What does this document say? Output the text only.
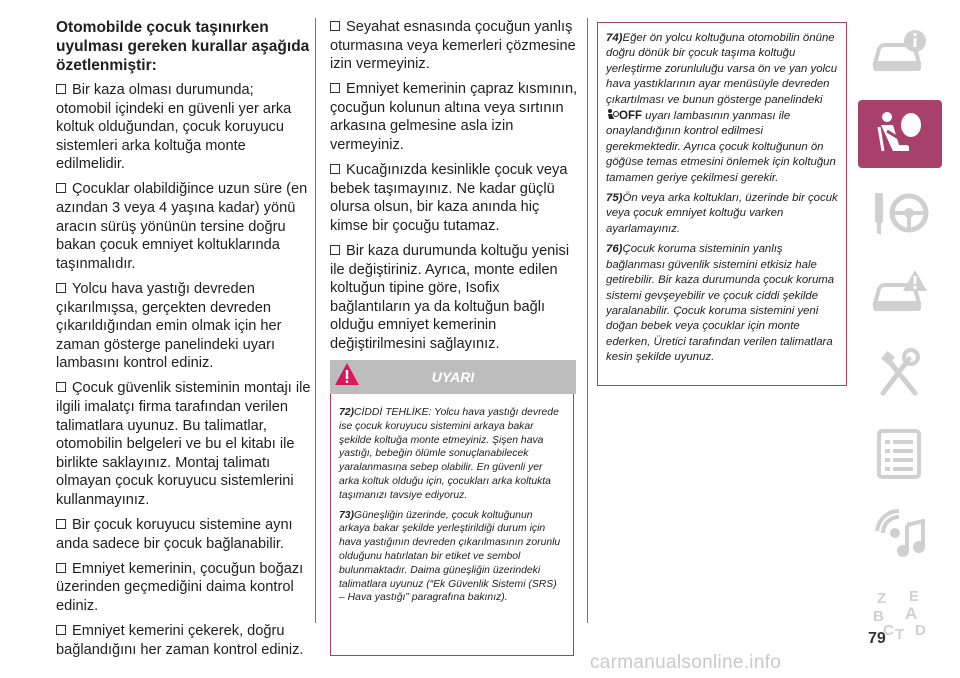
Otomobilde çocuk taşınırken uyulması gereken kurallar aşağıda özetlenmiştir:

Bir kaza olması durumunda; otomobil içindeki en güvenli yer arka koltuk olduğundan, çocuk koruyucu sistemleri arka koltuğa monte edilmelidir.

Çocuklar olabildiğince uzun süre (en azından 3 veya 4 yaşına kadar) yönü aracın sürüş yönünün tersine doğru bakan çocuk emniyet koltuklarında taşınmalıdır.

Yolcu hava yastığı devreden çıkarılmışsa, gerçekten devreden çıkarıldığından emin olmak için her zaman gösterge panelindeki uyarı lambasını kontrol ediniz.

Çocuk güvenlik sisteminin montajı ile ilgili imalatçı firma tarafından verilen talimatlara uyunuz. Bu talimatlar, otomobilin belgeleri ve bu el kitabı ile birlikte saklayınız. Montaj talimatı olmayan çocuk koruyucu sistemlerini kullanmayınız.

Bir çocuk koruyucu sistemine aynı anda sadece bir çocuk bağlanabilir.

Emniyet kemerinin, çocuğun boğazı üzerinden geçmediğini daima kontrol ediniz.

Emniyet kemerini çekerek, doğru bağlandığını her zaman kontrol ediniz.

Seyahat esnasında çocuğun yanlış oturmasına veya kemerleri çözmesine izin vermeyiniz.

Emniyet kemerinin çapraz kısmının, çocuğun kolunun altına veya sırtının arkasına gelmesine asla izin vermeyiniz.

Kucağınızda kesinlikle çocuk veya bebek taşımayınız. Ne kadar güçlü olursa olsun, bir kaza anında hiç kimse bir çocuğu tutamaz.

Bir kaza durumunda koltuğu yenisi ile değiştiriniz. Ayrıca, monte edilen koltuğun tipine göre, Isofix bağlantıların ya da koltuğun bağlı olduğu emniyet kemerinin değiştirilmesini sağlayınız.

UYARI

72)CİDDİ TEHLİKE: Yolcu hava yastığı devrede ise çocuk koruyucu sistemini arkaya bakar şekilde koltuğa monte etmeyiniz. Şişen hava yastığı, bebeğin ölümle sonuçlanabilecek yaralanmasına sebep olabilir. En güvenli yer arka koltuk olduğu için, çocukları arka koltukta taşımanızı tavsiye ediyoruz.

73)Güneşliğin üzerinde, çocuk koltuğunun arkaya bakar şekilde yerleştirildiği durum için hava yastığının devreden çıkarılmasının zorunlu olduğunu hatırlatan bir etiket ve sembol bulunmaktadır. Daima güneşliğin üzerindeki talimatlara uyunuz (“Ek Güvenlik Sistemi (SRS) – Hava yastığı” paragrafına bakınız).

74)Eğer ön yolcu koltuğuna otomobilin önüne doğru dönük bir çocuk taşıma koltuğu yerleştirme zorunluluğu varsa ön ve yan yolcu hava yastıklarının ayar menüsüyle devreden çıkartılması ve bunun gösterge panelindeki OFF uyarı lambasının yanması ile onaylandığının kontrol edilmesi gerekmektedir. Ayrıca çocuk koltuğunun ön göğüse temas etmesini önlemek için koltuğun tamamen geriye çekilmesi gerekir.

75)Ön veya arka koltukları, üzerinde bir çocuk veya çocuk emniyet koltuğu varken ayarlamayınız.

76)Çocuk koruma sisteminin yanlış bağlanması güvenlik sistemini etkisiz hale getirebilir. Bir kaza durumunda çocuk koruma sistemi gevşeyebilir ve çocuk ciddi şekilde yaralanabilir. Çocuk koruma sistemini yeni doğan bebek veya çocuklar için monte ederken, Üretici tarafından verilen talimatlara kesin şekilde uyunuz.

Z E
B A
C T D
79
carmanualsonline.info
